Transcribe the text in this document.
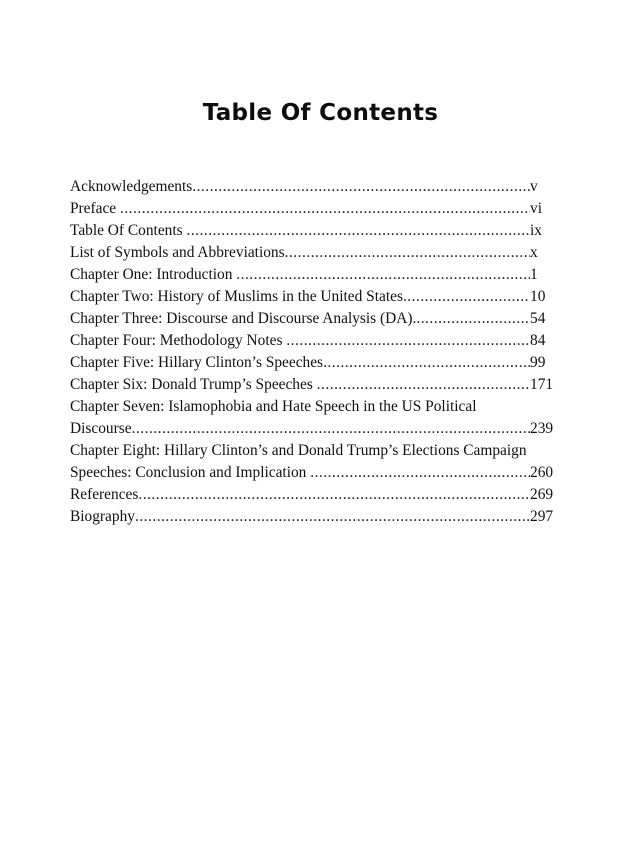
Table Of Contents
Acknowledgements .....	v
Preface .....	vi
Table Of Contents .....	ix
List of Symbols and Abbreviations .....	x
Chapter One: Introduction .....	1
Chapter Two: History of Muslims in the United States .....	10
Chapter Three: Discourse and Discourse Analysis (DA). .....	54
Chapter Four: Methodology Notes .....	84
Chapter Five: Hillary Clinton’s Speeches .....	99
Chapter Six: Donald Trump’s Speeches .....	171
Chapter Seven: Islamophobia and Hate Speech in the US Political
Discourse .....	239
Chapter Eight: Hillary Clinton’s and Donald Trump’s Elections Campaign
Speeches: Conclusion and Implication .....	260
References .....	269
Biography .....	297
